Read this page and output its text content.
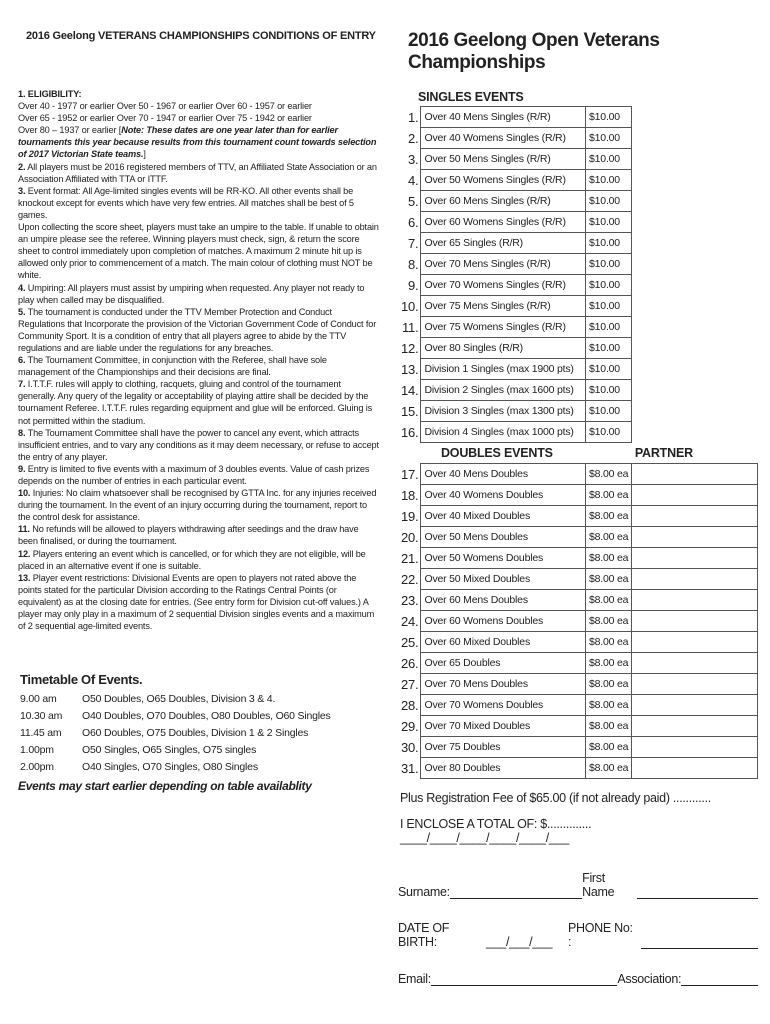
2016 Geelong VETERANS CHAMPIONSHIPS CONDITIONS OF ENTRY

1. ELIGIBILITY:

Over 40 - 1977 or earlier Over 50 - 1967 or earlier Over 60 - 1957 or earlier

Over 65 - 1952 or earlier Over 70 - 1947 or earlier Over 75 - 1942 or earlier

Over 80 – 1937 or earlier [Note: These dates are one year later than for earlier tournaments this year because results from this tournament count towards selection of 2017 Victorian State teams.]

2. All players must be 2016 registered members of TTV, an Affiliated State Association or an Association Affiliated with TTA or ITTF.

3. Event format: All Age-limited singles events will be RR-KO. All other events shall be knockout except for events which have very few entries. All matches shall be best of 5 games.

Upon collecting the score sheet, players must take an umpire to the table. If unable to obtain an umpire please see the referee. Winning players must check, sign, & return the score sheet to control immediately upon completion of matches. A maximum 2 minute hit up is allowed only prior to commencement of a match. The main colour of clothing must NOT be white.

4. Umpiring: All players must assist by umpiring when requested. Any player not ready to play when called may be disqualified.

5. The tournament is conducted under the TTV Member Protection and Conduct Regulations that Incorporate the provision of the Victorian Government Code of Conduct for Community Sport. It is a condition of entry that all players agree to abide by the TTV regulations and are liable under the regulations for any breaches.

6. The Tournament Committee, in conjunction with the Referee, shall have sole management of the Championships and their decisions are final.

7. I.T.T.F. rules will apply to clothing, racquets, gluing and control of the tournament generally. Any query of the legality or acceptability of playing attire shall be decided by the tournament Referee. I.T.T.F. rules regarding equipment and glue will be enforced. Gluing is not permitted within the stadium.

8. The Tournament Committee shall have the power to cancel any event, which attracts insufficient entries, and to vary any conditions as it may deem necessary, or refuse to accept the entry of any player.

9. Entry is limited to five events with a maximum of 3 doubles events. Value of cash prizes depends on the number of entries in each particular event.

10. Injuries: No claim whatsoever shall be recognised by GTTA Inc. for any injuries received during the tournament. In the event of an injury occurring during the tournament, report to the control desk for assistance.

11. No refunds will be allowed to players withdrawing after seedings and the draw have been finalised, or during the tournament.

12. Players entering an event which is cancelled, or for which they are not eligible, will be placed in an alternative event if one is suitable.

13. Player event restrictions: Divisional Events are open to players not rated above the points stated for the particular Division according to the Ratings Central Points (or equivalent) as at the closing date for entries. (See entry form for Division cut-off values.) A player may only play in a maximum of 2 sequential Division singles events and a maximum of 2 sequential age-limited events.

Timetable Of Events.
9.00 am	O50 Doubles, O65 Doubles, Division 3 & 4.
10.30 am	O40 Doubles, O70 Doubles, O80 Doubles, O60 Singles
11.45 am	O60 Doubles, O75 Doubles, Division 1 & 2 Singles
1.00pm	O50 Singles, O65 Singles, O75 singles
2.00pm	O40 Singles, O70 Singles, O80 Singles
Events may start earlier depending on table availablity
2016 Geelong Open Veterans Championships
SINGLES EVENTS
1.	Over 40 Mens Singles (R/R)	$10.00	
2.	Over 40 Womens Singles (R/R)	$10.00	
3.	Over 50 Mens Singles (R/R)	$10.00	
4.	Over 50 Womens Singles (R/R)	$10.00	
5.	Over 60 Mens Singles (R/R)	$10.00	
6.	Over 60 Womens Singles (R/R)	$10.00	
7.	Over 65 Singles (R/R)	$10.00	
8.	Over 70 Mens Singles (R/R)	$10.00	
9.	Over 70 Womens Singles (R/R)	$10.00	
10.	Over 75 Mens Singles (R/R)	$10.00	
11.	Over 75 Womens Singles (R/R)	$10.00	
12.	Over 80 Singles (R/R)	$10.00	
13.	Division 1 Singles (max 1900 pts)	$10.00	
14.	Division 2 Singles (max 1600 pts)	$10.00	
15.	Division 3 Singles (max 1300 pts)	$10.00	
16.	Division 4 Singles (max 1000 pts)	$10.00	
	DOUBLES EVENTS		PARTNER
17.	Over 40 Mens Doubles	$8.00 ea	
18.	Over 40 Womens Doubles	$8.00 ea	
19.	Over 40 Mixed Doubles	$8.00 ea	
20.	Over 50 Mens Doubles	$8.00 ea	
21.	Over 50 Womens Doubles	$8.00 ea	
22.	Over 50 Mixed Doubles	$8.00 ea	
23.	Over 60 Mens Doubles	$8.00 ea	
24.	Over 60 Womens Doubles	$8.00 ea	
25.	Over 60 Mixed Doubles	$8.00 ea	
26.	Over 65 Doubles	$8.00 ea	
27.	Over 70 Mens Doubles	$8.00 ea	
28.	Over 70 Womens Doubles	$8.00 ea	
29.	Over 70 Mixed Doubles	$8.00 ea	
30.	Over 75 Doubles	$8.00 ea	
31.	Over 80 Doubles	$8.00 ea	
Plus Registration Fee of $65.00 (if not already paid) ............
I ENCLOSE A TOTAL OF: $.............. ____/____/____/____/____/___
Surname:
First Name
DATE OF BIRTH:	___/___/___
PHONE No: :
Email:	Association:
